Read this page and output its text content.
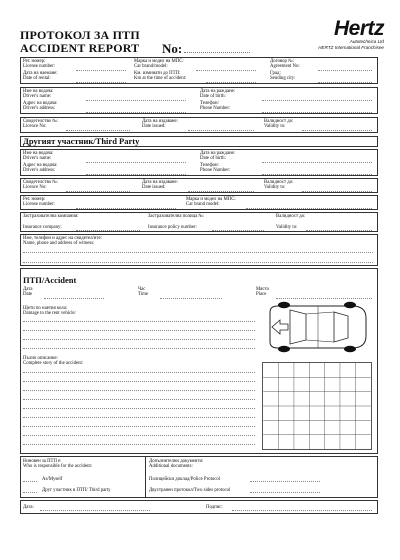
ПРОТОКОЛ ЗА ПТП
ACCIDENT REPORT No:
Hertz
Autotechnica Ltd
HERTZ International Franchisee
Рег. номер:
License number:
Марка и модел на МПС:
Car brand/model:
Договор №:
Agreement No:
Дата на наемане:
Date of rental:
Км. изминати до ПТП:
Km at the time of accident:
Град:
Sending city:
Име на водача:
Driver's name:
Адрес на водача:
Driver's address:
Дата на раждане:
Date of birth:
Телефон:
Phone Number:
Свидетелство №:
Licence No:
Дата на издаване:
Date issued:
Валидност до:
Validity to:
Другият участник/Third Party
Име на водача:
Driver's name:
Адрес на водача:
Driver's address:
Дата на раждане:
Date of birth:
Телефон:
Phone Number:
Свидетелство №:
Licence No:
Дата на издаване:
Date issued:
Валидност до:
Validity to:
Рег. номер:
License number:
Марка и модел на МПС:
Car brand model:
Застрахователна компания:
Insurance company:
Застрахователна полица №:
Insurance policy number:
Валидност до:
Validity to:
Име, телефон и адрес на свидетел/ите:
Name, phone and address of witness:
ПТП/Accident
Дата
Date
Час
Time
Място
Place
Щети по наетия кола:
Damage to the rent vehicle:
Пълно описание:
Complete story of the accident:
Виновен за ПТП е:
Who is responsible for the accident:
Аз/Myself
Друг участник в ПТП/ Third party
Допълнителни документи:
Additional documents:
Полицейски доклад/Police Protocol
Двустранен протокол/Two sides protocol
Дата:	Подпис:
